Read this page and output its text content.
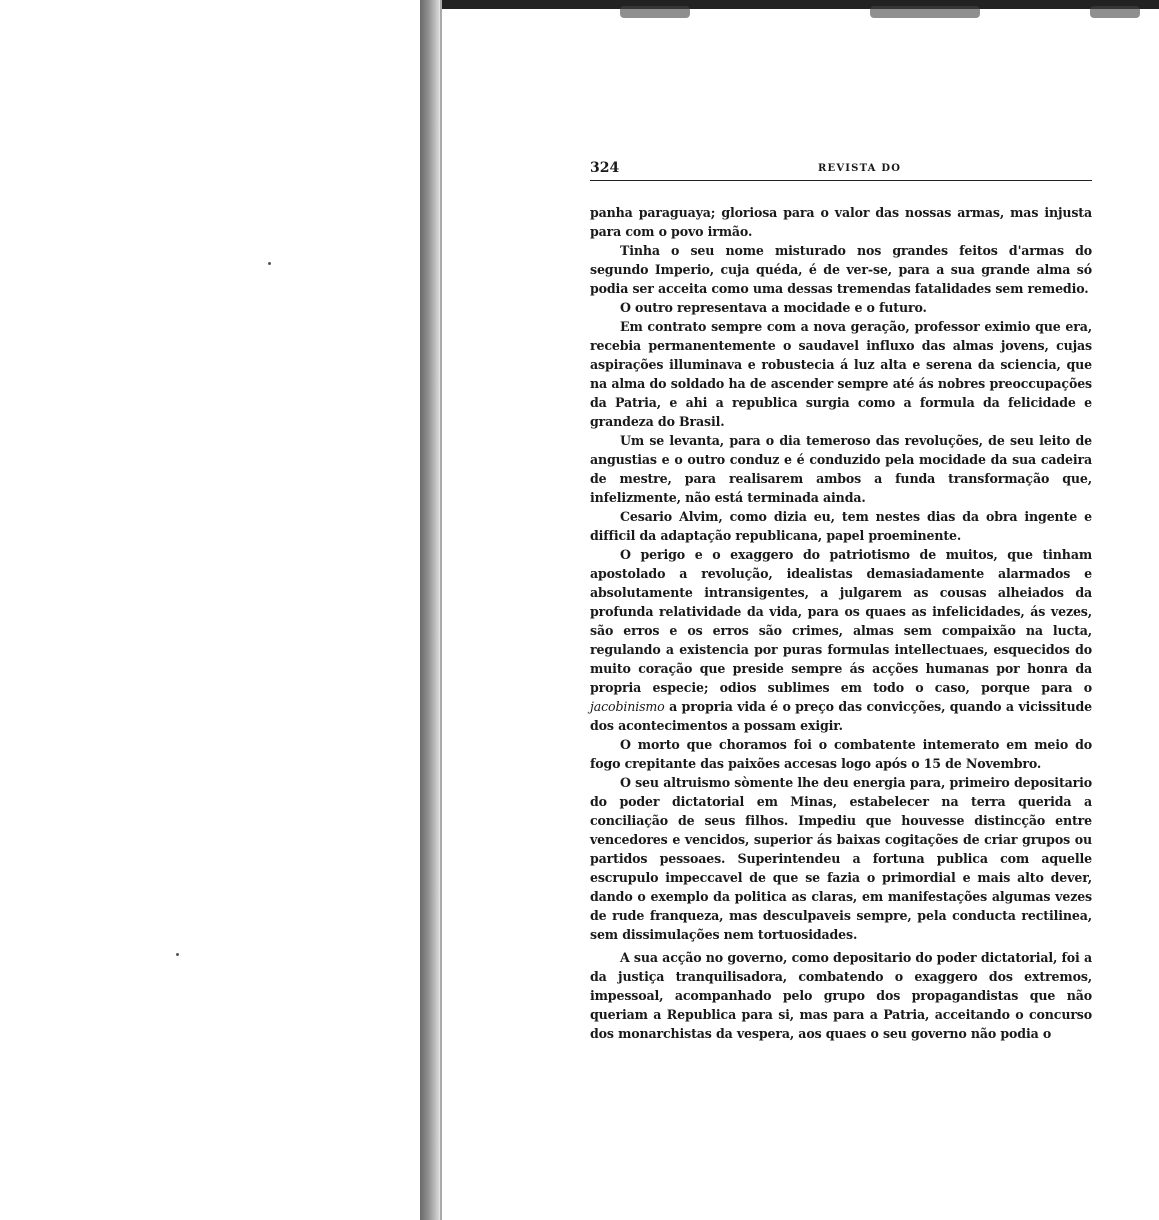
324	REVISTA DO

panha paraguaya; gloriosa para o valor das nossas armas, mas injusta para com o povo irmão.

Tinha o seu nome misturado nos grandes feitos d'armas do segundo Imperio, cuja quéda, é de ver-se, para a sua grande alma só podia ser acceita como uma dessas tremendas fatalidades sem remedio.

O outro representava a mocidade e o futuro.

Em contrato sempre com a nova geração, professor eximio que era, recebia permanentemente o saudavel influxo das almas jovens, cujas aspirações illuminava e robustecia á luz alta e serena da sciencia, que na alma do soldado ha de ascender sempre até ás nobres preoccupações da Patria, e ahi a republica surgia como a formula da felicidade e grandeza do Brasil.

Um se levanta, para o dia temeroso das revoluções, de seu leito de angustias e o outro conduz e é conduzido pela mocidade da sua cadeira de mestre, para realisarem ambos a funda transformação que, infelizmente, não está terminada ainda.

Cesario Alvim, como dizia eu, tem nestes dias da obra ingente e difficil da adaptação republicana, papel proeminente.

O perigo e o exaggero do patriotismo de muitos, que tinham apostolado a revolução, idealistas demasiadamente alarmados e absolutamente intransigentes, a julgarem as cousas alheiados da profunda relatividade da vida, para os quaes as infelicidades, ás vezes, são erros e os erros são crimes, almas sem compaixão na lucta, regulando a existencia por puras formulas intellectuaes, esquecidos do muito coração que preside sempre ás acções humanas por honra da propria especie; odios sublimes em todo o caso, porque para o jacobinismo a propria vida é o preço das convicções, quando a vicissitude dos acontecimentos a possam exigir.

O morto que choramos foi o combatente intemerato em meio do fogo crepitante das paixões accesas logo após o 15 de Novembro.

O seu altruismo sòmente lhe deu energia para, primeiro depositario do poder dictatorial em Minas, estabelecer na terra querida a conciliação de seus filhos. Impediu que houvesse distincção entre vencedores e vencidos, superior ás baixas cogitações de criar grupos ou partidos pessoaes. Superintendeu a fortuna publica com aquelle escrupulo impeccavel de que se fazia o primordial e mais alto dever, dando o exemplo da politica as claras, em manifestações algumas vezes de rude franqueza, mas desculpaveis sempre, pela conducta rectilinea, sem dissimulações nem tortuosidades.

A sua acção no governo, como depositario do poder dictatorial, foi a da justiça tranquilisadora, combatendo o exaggero dos extremos, impessoal, acompanhado pelo grupo dos propagandistas que não queriam a Republica para si, mas para a Patria, acceitando o concurso dos monarchistas da vespera, aos quaes o seu governo não podia o
